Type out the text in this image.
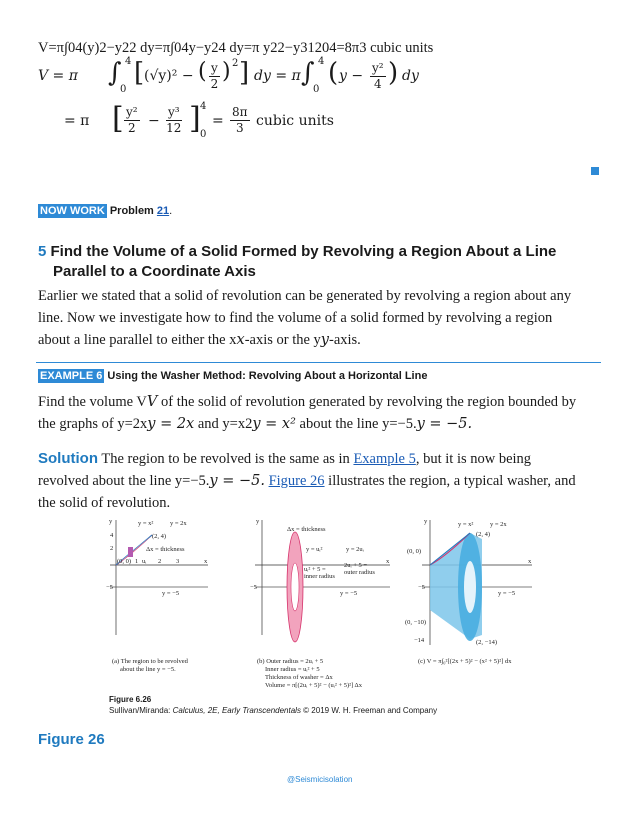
V=π∫04(y)2−y22 dy=π∫04y−y24 dy=π y22−y31204=8π3 cubic units
V = π	∫ 4
0
[ (√y)² − ( $\frac{y}{2}$ ) 2 ] dy = π ∫ 4
0
( $y - \frac{\text{y²}}{4}$ ) dy
= π [ $\frac{\text{y²}}{2} - \frac{\text{y³}}{12}$ ] 4
0
= $\frac{8\pi}{3}$ cubic units
NOW WORK Problem 21.
5 Find the Volume of a Solid Formed by Revolving a Region About a Line
Parallel to a Coordinate Axis
Earlier we stated that a solid of revolution can be generated by revolving a region about any
line. Now we investigate how to find the volume of a solid formed by revolving a region
about a line parallel to either the xx-axis or the yy-axis.
EXAMPLE 6 Using the Washer Method: Revolving About a Horizontal Line
Find the volume VV of the solid of revolution generated by revolving the region bounded by
the graphs of y=2xy = 2x and y=x2y = x² about the line y=−5.y = −5.
Solution The region to be revolved is the same as in Example 5, but it is now being
revolved about the line y=−5.y = −5. Figure 26 illustrates the region, a typical washer, and
the solid of revolution.
y
x
y = x²	y = 2x
(2, 4)
Δx = thickness
(0, 0) 1 uᵢ 2 3
4
2
−5
y = −5
(a) The region to be revolved
about the line y = −5.
y
x
Δx = thickness
y = uᵢ²	y = 2uᵢ
uᵢ² + 5 =
inner radius
2uᵢ + 5 =
outer radius
−5
y = −5
(b) Outer radius = 2uᵢ + 5
Inner radius = uᵢ² + 5
Thickness of washer = Δx
Volume = π[(2uᵢ + 5)² − (uᵢ² + 5)²] Δx
y
x
y = x²	y = 2x
(2, 4)
(0, 0)
−5
y = −5
(0, −10)
−14	(2, −14)
(c) V = π∫₀²[(2x + 5)² − (x² + 5)²] dx
Figure 6.26
Sullivan/Miranda: Calculus, 2E, Early Transcendentals © 2019 W. H. Freeman and Company
Figure 26
@Seismicisolation
